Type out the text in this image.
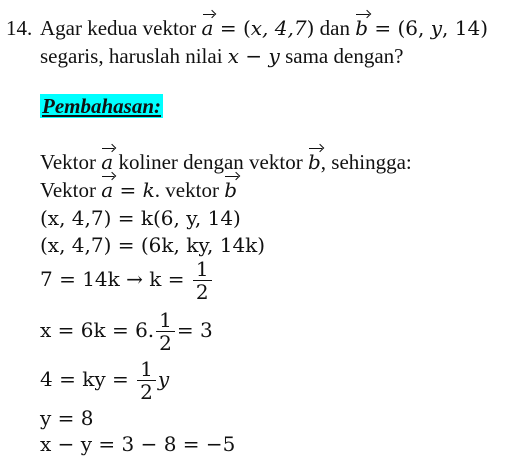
14. Agar kedua vektor a = (x, 4,7) dan b = (6, y, 14)
segaris, haruslah nilai x − y sama dengan?
Pembahasan:
Vektor a koliner dengan vektor b, sehingga:
Vektor a = k. vektor b
(x, 4,7) = k(6, y, 14)
(x, 4,7) = (6k, ky, 14k)
$7 = 14k \to k = \frac{1}{2}$
x = 6k = 6. $\frac{1}{2} = 3$
4 = ky = $\frac{1}{2}$ y
y = 8
x − y = 3 − 8 = −5
